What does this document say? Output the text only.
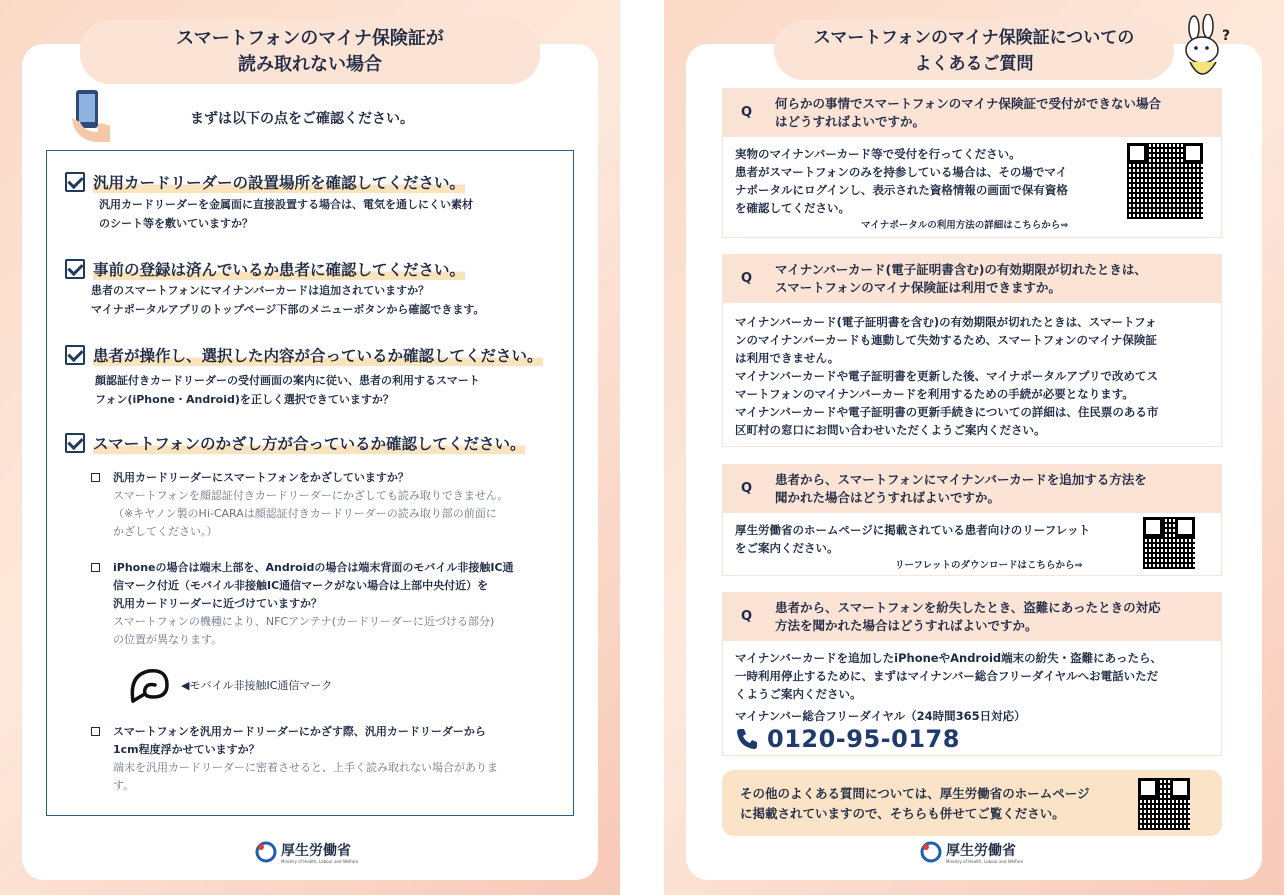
スマートフォンのマイナ保険証が
読み取れない場合
まずは以下の点をご確認ください。
汎用カードリーダーの設置場所を確認してください。
汎用カードリーダーを金属面に直接設置する場合は、電気を通しにくい素材
のシート等を敷いていますか？
事前の登録は済んでいるか患者に確認してください。
患者のスマートフォンにマイナンバーカードは追加されていますか？
マイナポータルアプリのトップページ下部のメニューボタンから確認できます。
患者が操作し、選択した内容が合っているか確認してください。
顔認証付きカードリーダーの受付画面の案内に従い、患者の利用するスマート
フォン(iPhone・Android)を正しく選択できていますか？
スマートフォンのかざし方が合っているか確認してください。
汎用カードリーダーにスマートフォンをかざしていますか？
スマートフォンを顔認証付きカードリーダーにかざしても読み取りできません。
（※キヤノン製のHi-CARAは顔認証付きカードリーダーの読み取り部の前面に
かざしてください。）
iPhoneの場合は端末上部を、Androidの場合は端末背面のモバイル非接触IC通
信マーク付近（モバイル非接触IC通信マークがない場合は上部中央付近）を
汎用カードリーダーに近づけていますか？
スマートフォンの機種により、NFCアンテナ(カードリーダーに近づける部分)
の位置が異なります。
◀モバイル非接触IC通信マーク
スマートフォンを汎用カードリーダーにかざす際、汎用カードリーダーから
1cm程度浮かせていますか？
端末を汎用カードリーダーに密着させると、上手く読み取れない場合がありま
す。
厚生労働省
Ministry of Health, Labour and Welfare
スマートフォンのマイナ保険証についての
よくあるご質問
?
Q
何らかの事情でスマートフォンのマイナ保険証で受付ができない場合
はどうすればよいですか。
実物のマイナンバーカード等で受付を行ってください。
患者がスマートフォンのみを持参している場合は、その場でマイ
ナポータルにログインし、表示された資格情報の画面で保有資格
を確認してください。
マイナポータルの利用方法の詳細はこちらから⇒
Q
マイナンバーカード(電子証明書含む)の有効期限が切れたときは、
スマートフォンのマイナ保険証は利用できますか。
マイナンバーカード(電子証明書を含む)の有効期限が切れたときは、スマートフォ
ンのマイナンバーカードも連動して失効するため、スマートフォンのマイナ保険証
は利用できません。
マイナンバーカードや電子証明書を更新した後、マイナポータルアプリで改めてス
マートフォンのマイナンバーカードを利用するための手続が必要となります。
マイナンバーカードや電子証明書の更新手続きについての詳細は、住民票のある市
区町村の窓口にお問い合わせいただくようご案内ください。
Q
患者から、スマートフォンにマイナンバーカードを追加する方法を
聞かれた場合はどうすればよいですか。
厚生労働省のホームページに掲載されている患者向けのリーフレット
をご案内ください。
リーフレットのダウンロードはこちらから⇒
Q
患者から、スマートフォンを紛失したとき、盗難にあったときの対応
方法を聞かれた場合はどうすればよいですか。
マイナンバーカードを追加したiPhoneやAndroid端末の紛失・盗難にあったら、
一時利用停止するために、まずはマイナンバー総合フリーダイヤルへお電話いただ
くようご案内ください。
マイナンバー総合フリーダイヤル（24時間365日対応）
0120-95-0178
その他のよくある質問については、厚生労働省のホームページ
に掲載されていますので、そちらも併せてご覧ください。
厚生労働省
Ministry of Health, Labour and Welfare
